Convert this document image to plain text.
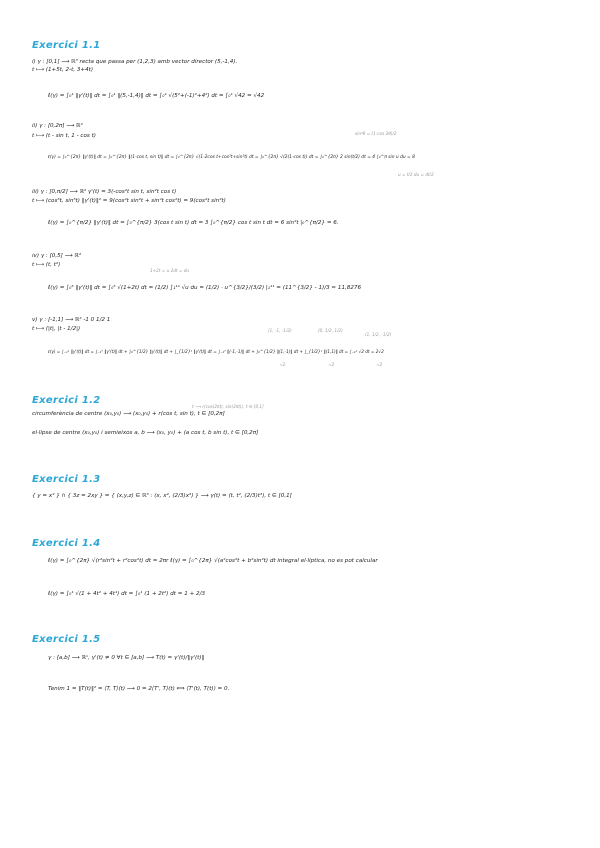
Exercici 1.1
i) γ : [0,1] ⟶ ℝ³ recta que passa per (1,2,3) amb vector director (5,-1,4).
t ⟼ (1+5t, 2-t, 3+4t)
ℓ(γ) = ∫₀¹ ‖γ'(t)‖ dt = ∫₀¹ ‖(5,-1,4)‖ dt = ∫₀¹ √(5²+(-1)²+4²) dt = ∫₀¹ √42 = √42
ii) γ : [0,2π] ⟶ ℝ²
t ⟼ (t - sin t, 1 - cos t)	sin²θ = (1-cos 2θ)/2
ℓ(γ) = ∫₀^{2π} ‖γ'(t)‖ dt = ∫₀^{2π} ‖(1-cos t, sin t)‖ dt = ∫₀^{2π} √(1-2cos t+cos²t+sin²t) dt = ∫₀^{2π} √(2(1-cos t)) dt = ∫₀^{2π} 2 sin(t/2) dt = 4 ∫₀^π sin u du = 8
u = t/2 du = dt/2
iii) γ : [0,π/2] ⟶ ℝ² γ'(t) = 3(-cos²t sin t, sin²t cos t)
t ⟼ (cos³t, sin³t) ‖γ'(t)‖² = 9(cos⁴t sin²t + sin⁴t cos²t) = 9(cos²t sin²t)
ℓ(γ) = ∫₀^{π/2} ‖γ'(t)‖ dt = ∫₀^{π/2} 3(cos t sin t) dt = 3 ∫₀^{π/2} cos t sin t dt = 6 sin²t |₀^{π/2} = 6.
iv) γ : [0,5] ⟶ ℝ²
t ⟼ (t, t²)
1+2t = u 2dt = du
ℓ(γ) = ∫₀⁵ ‖γ'(t)‖ dt = ∫₀⁵ √(1+2t) dt = (1/2) ∫₁¹¹ √u du = (1/2) · u^{3/2}/(3/2) |₁¹¹ = (11^{3/2} - 1)/3 ≈ 11,8276
v) γ : [-1,1] ⟶ ℝ² -1 0 1/2 1
t ⟼ (|t|, |t - 1/2|)	(1, -1, -1/2)	(0, 1/2, 1/2)
(1, 1/2, -1/2)
ℓ(γ) = ∫₋₁¹ ‖γ'(t)‖ dt = ∫₋₁⁰ ‖γ'(t)‖ dt + ∫₀^{1/2} ‖γ'(t)‖ dt + ∫_{1/2}¹ ‖γ'(t)‖ dt = ∫₋₁⁰ ‖(-1,-1)‖ dt + ∫₀^{1/2} ‖(1,-1)‖ dt + ∫_{1/2}¹ ‖(1,1)‖ dt = ∫₋₁¹ √2 dt = 2√2
√2	√2	√2
Exercici 1.2
t ⟶ r(cos(2πt), sin(2πt)), t ∈ [0,1]
circumferència de centre (x₀,y₀) ⟶ (x₀,y₀) + r(cos t, sin t), t ∈ [0,2π]
el·lipse de centre (x₀,y₀) i semieixos a, b ⟶ (x₀, y₀) + (a cos t, b sin t), t ∈ [0,2π]
Exercici 1.3
{ y = x² } ∩ { 3z = 2xy } = { (x,y,z) ∈ ℝ³ : (x, x², (2/3)x³) } ⟶ γ(t) = (t, t², (2/3)t³), t ∈ [0,1]
Exercici 1.4
ℓ(γ) = ∫₀^{2π} √(r²sin²t + r²cos²t) dt = 2πr ℓ(γ) = ∫₀^{2π} √(a²cos²t + b²sin²t) dt integral el·líptica, no es pot calcular
ℓ(γ) = ∫₀¹ √(1 + 4t² + 4t⁴) dt = ∫₀¹ (1 + 2t²) dt = 1 + 2/3
Exercici 1.5
γ : [a,b] ⟶ ℝⁿ, γ'(t) ≠ 0 ∀t ∈ [a,b] ⟶ T(t) = γ'(t)/‖γ'(t)‖
Tenim 1 = ‖T(t)‖² = ⟨T, T⟩(t) ⟶ 0 = 2⟨T', T⟩(t) ⟺ ⟨T'(t), T(t)⟩ = 0.
